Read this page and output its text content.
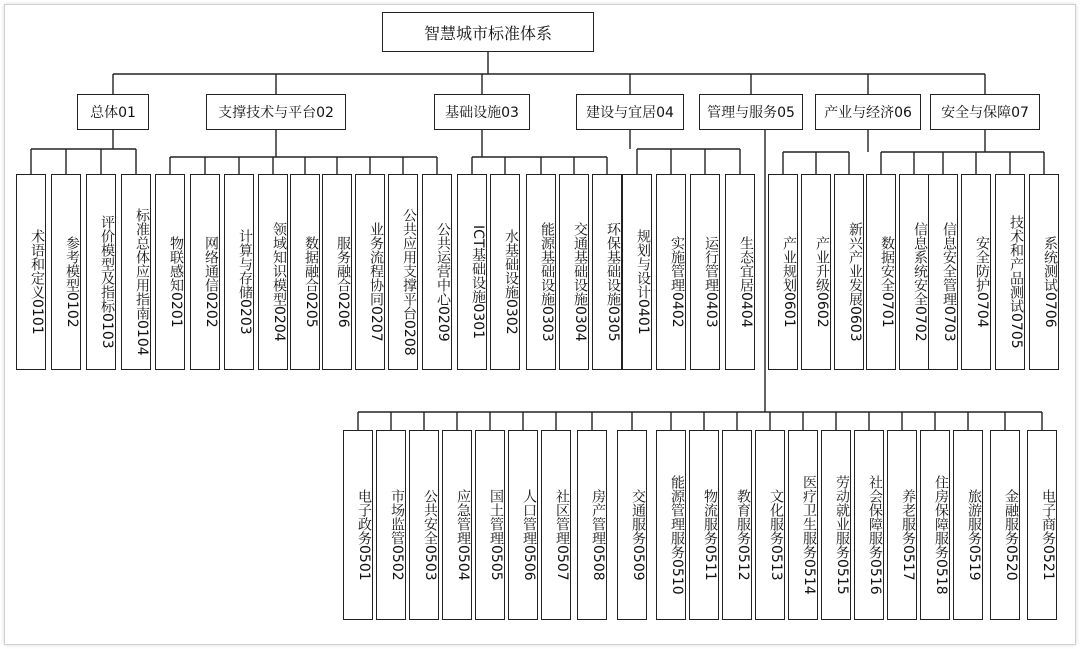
智慧城市标准体系
总体01	支撑技术与平台02	基础设施03	建设与宜居04	管理与服务05	产业与经济06	安全与保障07
术语和定义0101 参考模型0102 评价模型及指标0103 标准总体
应用指南0104 物联感知0201 网络通信0202 计算与存储0203 领域知识模型0204 数据融合0205 服务融合0206 业务流程协同0207 公共应用支撑平台0208 公共运营中心0209 ICT基础设施0301 水基础设施0302 能源基础设施0303 交通基础设施0304 环保基础设施0305 规划与设计0401 实施管理0402 运行管理0403 生态宜居0404 产业规划0601 产业升级0602 新兴产业发展0603 数据安全0701 信息系统安全0702 信息安全管理0703 安全防护0704 技术和产品测试0705 系统测试0706
电子政务0501 市场监管0502 公共安全0503 应急管理0504 国土管理0505 人口管理0506 社区管理0507 房产管理0508 交通服务0509 能源管理服务0510 物流服务0511 教育服务0512 文化服务0513 医疗卫生服务0514 劳动就业服务0515 社会保障服务0516 养老服务0517 住房保障服务0518 旅游服务0519 金融服务0520 电子商务0521
